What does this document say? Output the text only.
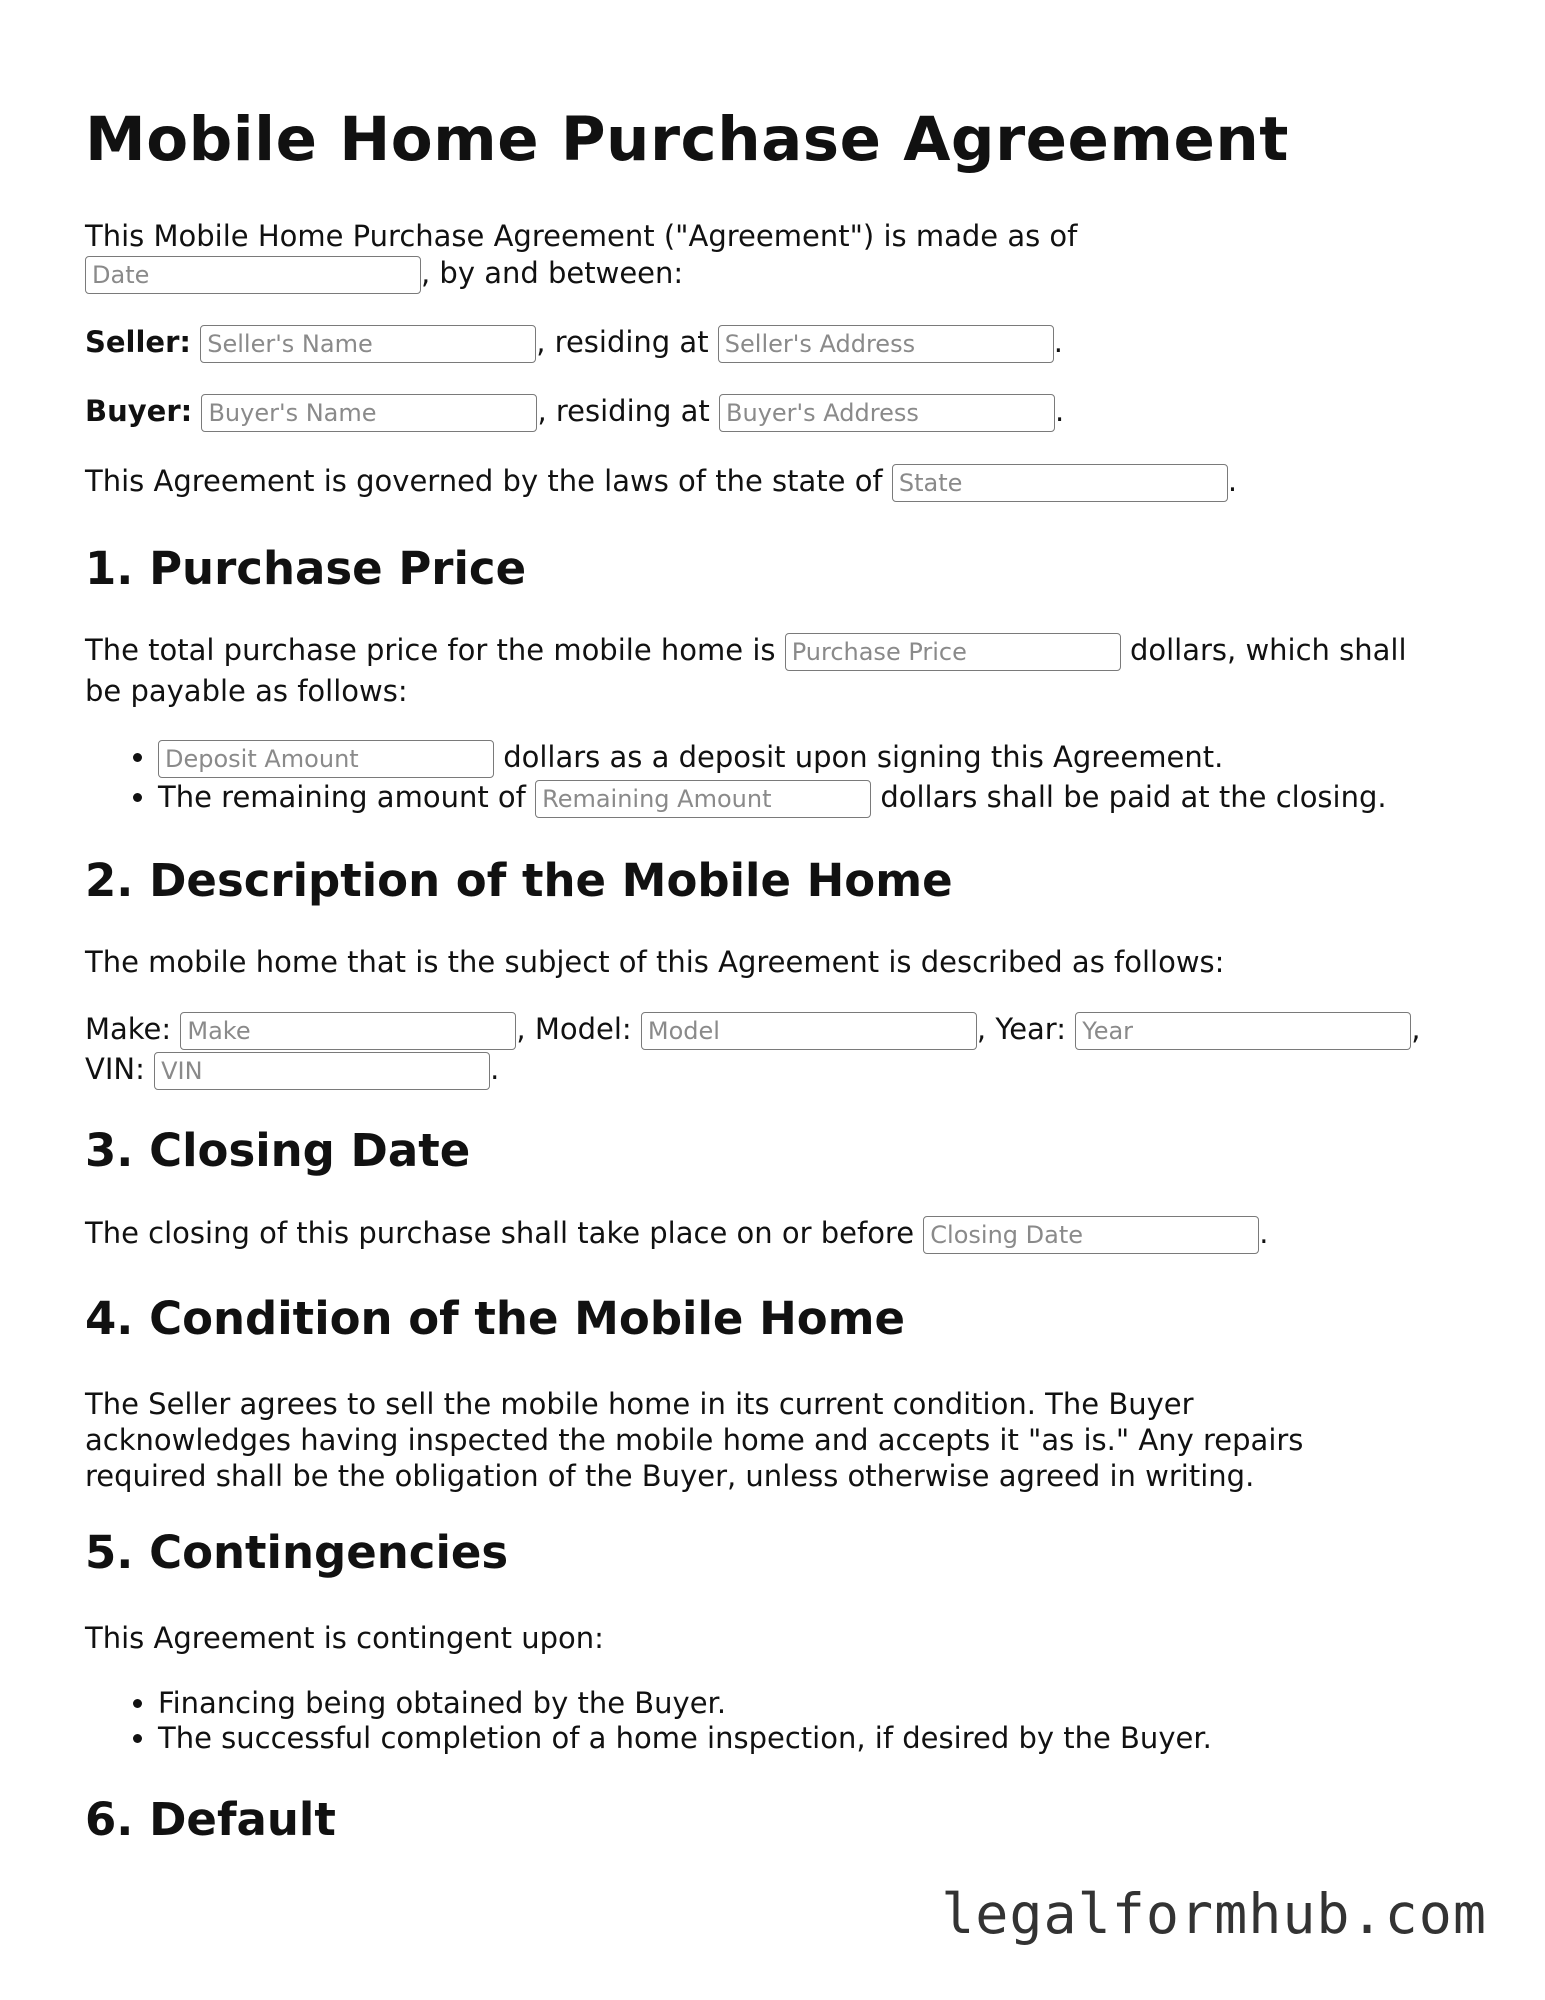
Mobile Home Purchase Agreement
This Mobile Home Purchase Agreement ("Agreement") is made as of
Date, by and between:
Seller: Seller's Name	, residing at Seller's Address	.
Buyer: Buyer's Name	, residing at Buyer's Address	.
This Agreement is governed by the laws of the state of State	.
1. Purchase Price
The total purchase price for the mobile home is Purchase Price	dollars, which shall
be payable as follows:
Deposit Amount • dollars as a deposit upon signing this Agreement.
• The remaining amount of Remaining Amount	dollars shall be paid at the closing.
2. Description of the Mobile Home
The mobile home that is the subject of this Agreement is described as follows:
Make: Make	, Model: Model	, Year: Year	,
VIN: VIN	.
3. Closing Date
The closing of this purchase shall take place on or before Closing Date	.
4. Condition of the Mobile Home
The Seller agrees to sell the mobile home in its current condition. The Buyer acknowledges having inspected the mobile home and accepts it "as is." Any repairs required shall be the obligation of the Buyer, unless otherwise agreed in writing.
5. Contingencies
This Agreement is contingent upon:
• Financing being obtained by the Buyer.
• The successful completion of a home inspection, if desired by the Buyer.
6. Default
legalformhub.com
